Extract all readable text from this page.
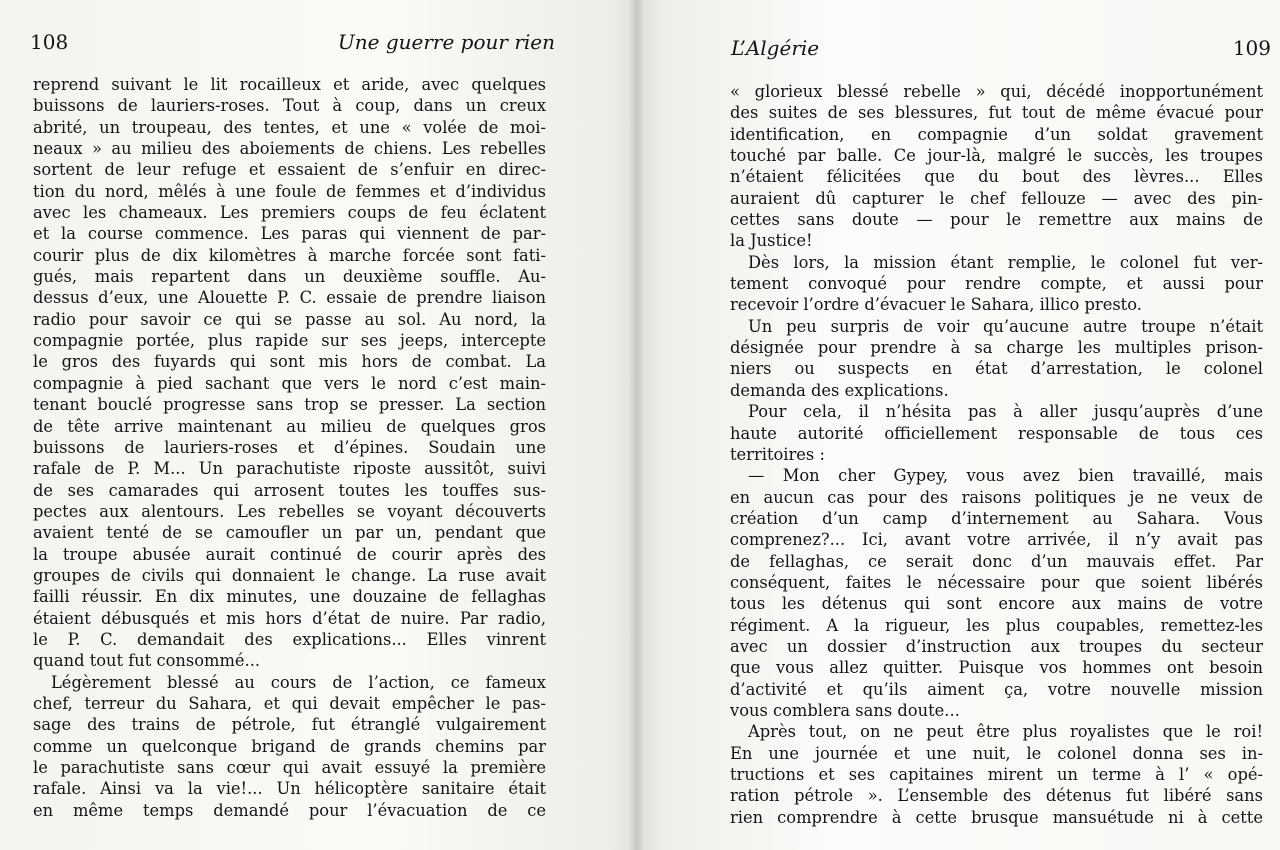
108	Une guerre pour rien
reprend suivant le lit rocailleux et aride, avec quelques
buissons de lauriers-roses. Tout à coup, dans un creux
abrité, un troupeau, des tentes, et une « volée de moi-
neaux » au milieu des aboiements de chiens. Les rebelles
sortent de leur refuge et essaient de s’enfuir en direc-
tion du nord, mêlés à une foule de femmes et d’individus
avec les chameaux. Les premiers coups de feu éclatent
et la course commence. Les paras qui viennent de par-
courir plus de dix kilomètres à marche forcée sont fati-
gués, mais repartent dans un deuxième souffle. Au-
dessus d’eux, une Alouette P. C. essaie de prendre liaison
radio pour savoir ce qui se passe au sol. Au nord, la
compagnie portée, plus rapide sur ses jeeps, intercepte
le gros des fuyards qui sont mis hors de combat. La
compagnie à pied sachant que vers le nord c’est main-
tenant bouclé progresse sans trop se presser. La section
de tête arrive maintenant au milieu de quelques gros
buissons de lauriers-roses et d’épines. Soudain une
rafale de P. M... Un parachutiste riposte aussitôt, suivi
de ses camarades qui arrosent toutes les touffes sus-
pectes aux alentours. Les rebelles se voyant découverts
avaient tenté de se camoufler un par un, pendant que
la troupe abusée aurait continué de courir après des
groupes de civils qui donnaient le change. La ruse avait
failli réussir. En dix minutes, une douzaine de fellaghas
étaient débusqués et mis hors d’état de nuire. Par radio,
le P. C. demandait des explications... Elles vinrent
quand tout fut consommé...
Légèrement blessé au cours de l’action, ce fameux
chef, terreur du Sahara, et qui devait empêcher le pas-
sage des trains de pétrole, fut étranglé vulgairement
comme un quelconque brigand de grands chemins par
le parachutiste sans cœur qui avait essuyé la première
rafale. Ainsi va la vie!... Un hélicoptère sanitaire était
en même temps demandé pour l’évacuation de ce
L’Algérie	109
« glorieux blessé rebelle » qui, décédé inopportunément
des suites de ses blessures, fut tout de même évacué pour
identification, en compagnie d’un soldat gravement
touché par balle. Ce jour-là, malgré le succès, les troupes
n’étaient félicitées que du bout des lèvres... Elles
auraient dû capturer le chef fellouze — avec des pin-
cettes sans doute — pour le remettre aux mains de
la Justice!
Dès lors, la mission étant remplie, le colonel fut ver-
tement convoqué pour rendre compte, et aussi pour
recevoir l’ordre d’évacuer le Sahara, illico presto.
Un peu surpris de voir qu’aucune autre troupe n’était
désignée pour prendre à sa charge les multiples prison-
niers ou suspects en état d’arrestation, le colonel
demanda des explications.
Pour cela, il n’hésita pas à aller jusqu’auprès d’une
haute autorité officiellement responsable de tous ces
territoires :
— Mon cher Gypey, vous avez bien travaillé, mais
en aucun cas pour des raisons politiques je ne veux de
création d’un camp d’internement au Sahara. Vous
comprenez?... Ici, avant votre arrivée, il n’y avait pas
de fellaghas, ce serait donc d’un mauvais effet. Par
conséquent, faites le nécessaire pour que soient libérés
tous les détenus qui sont encore aux mains de votre
régiment. A la rigueur, les plus coupables, remettez-les
avec un dossier d’instruction aux troupes du secteur
que vous allez quitter. Puisque vos hommes ont besoin
d’activité et qu’ils aiment ça, votre nouvelle mission
vous comblera sans doute...
Après tout, on ne peut être plus royalistes que le roi!
En une journée et une nuit, le colonel donna ses in-
tructions et ses capitaines mirent un terme à l’ « opé-
ration pétrole ». L’ensemble des détenus fut libéré sans
rien comprendre à cette brusque mansuétude ni à cette
